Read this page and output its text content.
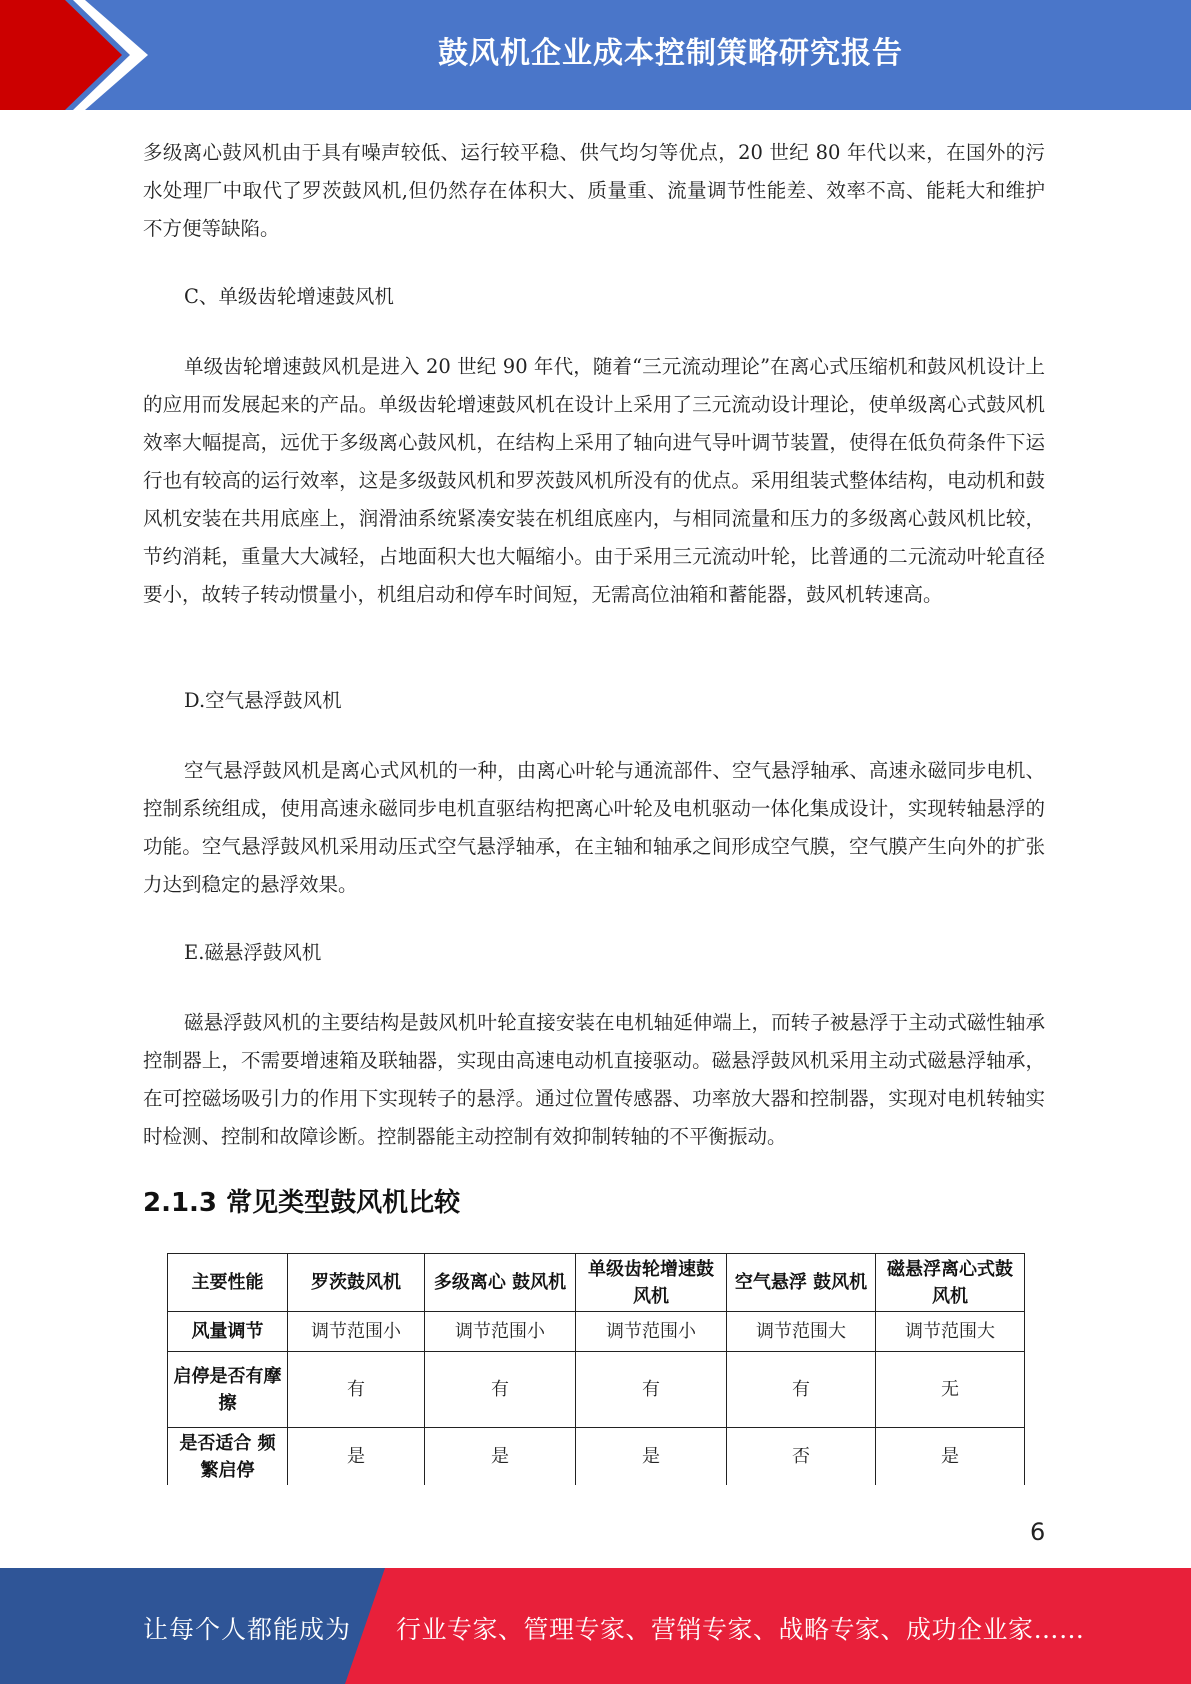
鼓风机企业成本控制策略研究报告
多级离心鼓风机由于具有噪声较低、运行较平稳、供气均匀等优点，20 世纪 80 年代以来，在国外的污水处理厂中取代了罗茨鼓风机,但仍然存在体积大、质量重、流量调节性能差、效率不高、能耗大和维护不方便等缺陷。
C、单级齿轮增速鼓风机
单级齿轮增速鼓风机是进入 20 世纪 90 年代，随着“三元流动理论”在离心式压缩机和鼓风机设计上的应用而发展起来的产品。单级齿轮增速鼓风机在设计上采用了三元流动设计理论，使单级离心式鼓风机效率大幅提高，远优于多级离心鼓风机，在结构上采用了轴向进气导叶调节装置，使得在低负荷条件下运行也有较高的运行效率，这是多级鼓风机和罗茨鼓风机所没有的优点。采用组装式整体结构，电动机和鼓风机安装在共用底座上，润滑油系统紧凑安装在机组底座内，与相同流量和压力的多级离心鼓风机比较，节约消耗，重量大大减轻，占地面积大也大幅缩小。由于采用三元流动叶轮，比普通的二元流动叶轮直径要小，故转子转动惯量小，机组启动和停车时间短，无需高位油箱和蓄能器，鼓风机转速高。
D.空气悬浮鼓风机
空气悬浮鼓风机是离心式风机的一种，由离心叶轮与通流部件、空气悬浮轴承、高速永磁同步电机、控制系统组成，使用高速永磁同步电机直驱结构把离心叶轮及电机驱动一体化集成设计，实现转轴悬浮的功能。空气悬浮鼓风机采用动压式空气悬浮轴承，在主轴和轴承之间形成空气膜，空气膜产生向外的扩张力达到稳定的悬浮效果。
E.磁悬浮鼓风机
磁悬浮鼓风机的主要结构是鼓风机叶轮直接安装在电机轴延伸端上，而转子被悬浮于主动式磁性轴承控制器上，不需要增速箱及联轴器，实现由高速电动机直接驱动。磁悬浮鼓风机采用主动式磁悬浮轴承，在可控磁场吸引力的作用下实现转子的悬浮。通过位置传感器、功率放大器和控制器，实现对电机转轴实时检测、控制和故障诊断。控制器能主动控制有效抑制转轴的不平衡振动。
2.1.3 常见类型鼓风机比较
主要性能	罗茨鼓风机	多级离心 鼓风机	单级齿轮增速鼓风机	空气悬浮 鼓风机	磁悬浮离心式鼓风机
风量调节	调节范围小	调节范围小	调节范围小	调节范围大	调节范围大
启停是否有摩擦	有	有	有	有	无
是否适合 频繁启停	是	是	是	否	是
6
让每个人都能成为 行业专家、管理专家、营销专家、战略专家、成功企业家……
